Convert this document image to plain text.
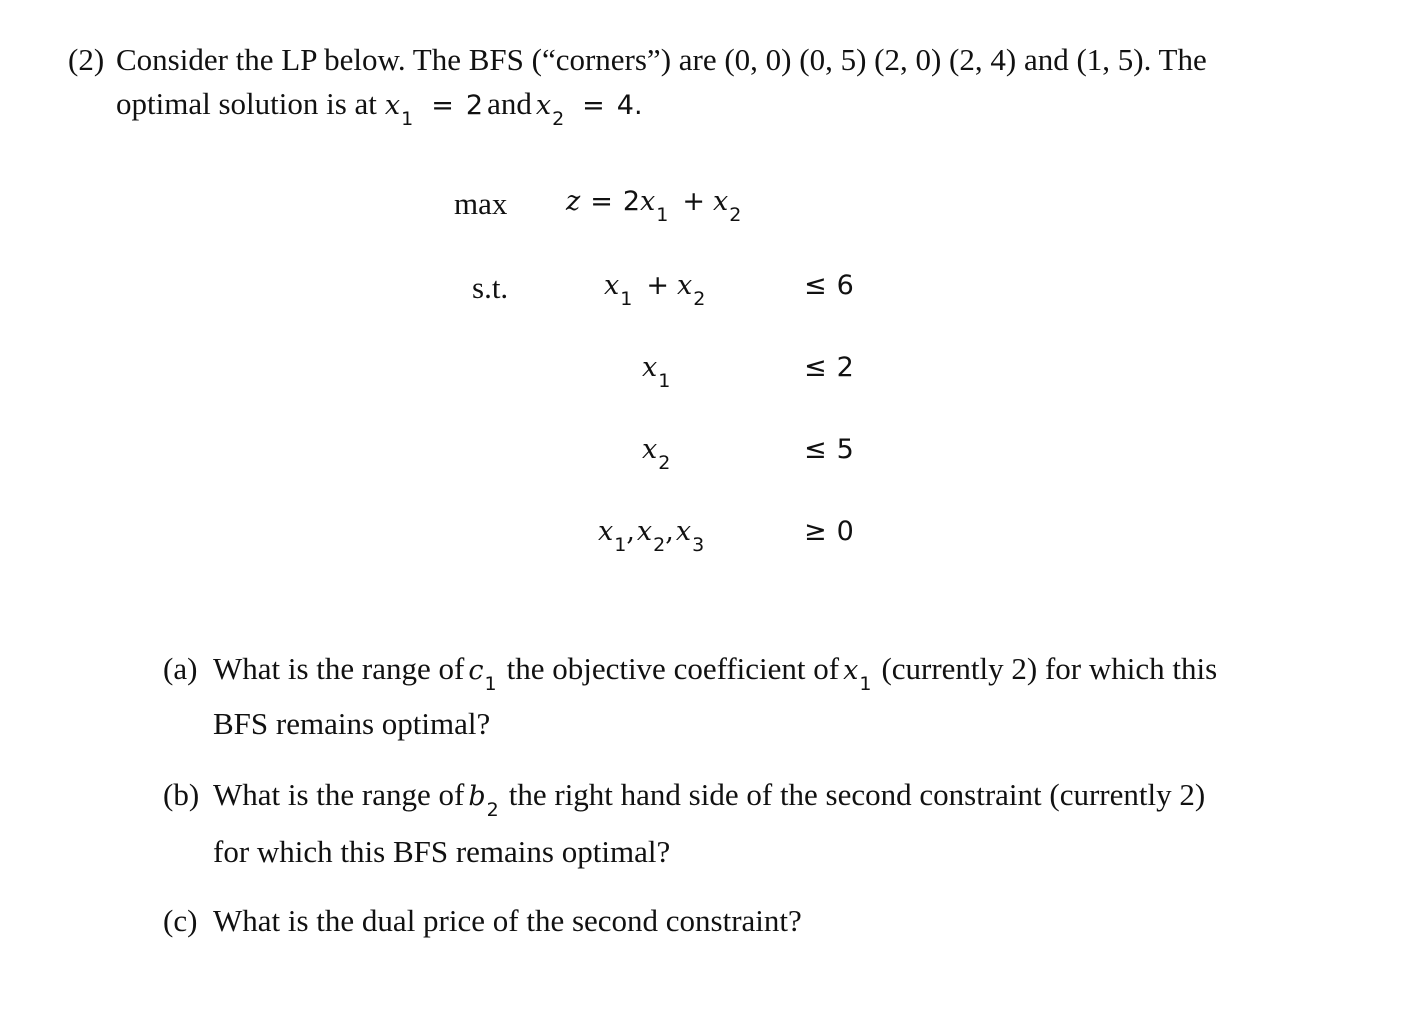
(2) Consider the LP below. The BFS (“corners”) are (0, 0) (0, 5) (2, 0) (2, 4) and (1, 5). The
optimal solution is at x1 = 2 and x2 = 4.
max z = 2x1 + x2
s.t.	x1 + x2	≤ 6
x1	≤ 2
x2	≤ 5
x1,x2,x3	≥ 0
(a) What is the range of c1 the objective coefficient of x1 (currently 2) for which this
BFS remains optimal?
(b) What is the range of b2 the right hand side of the second constraint (currently 2)
for which this BFS remains optimal?
(c) What is the dual price of the second constraint?
